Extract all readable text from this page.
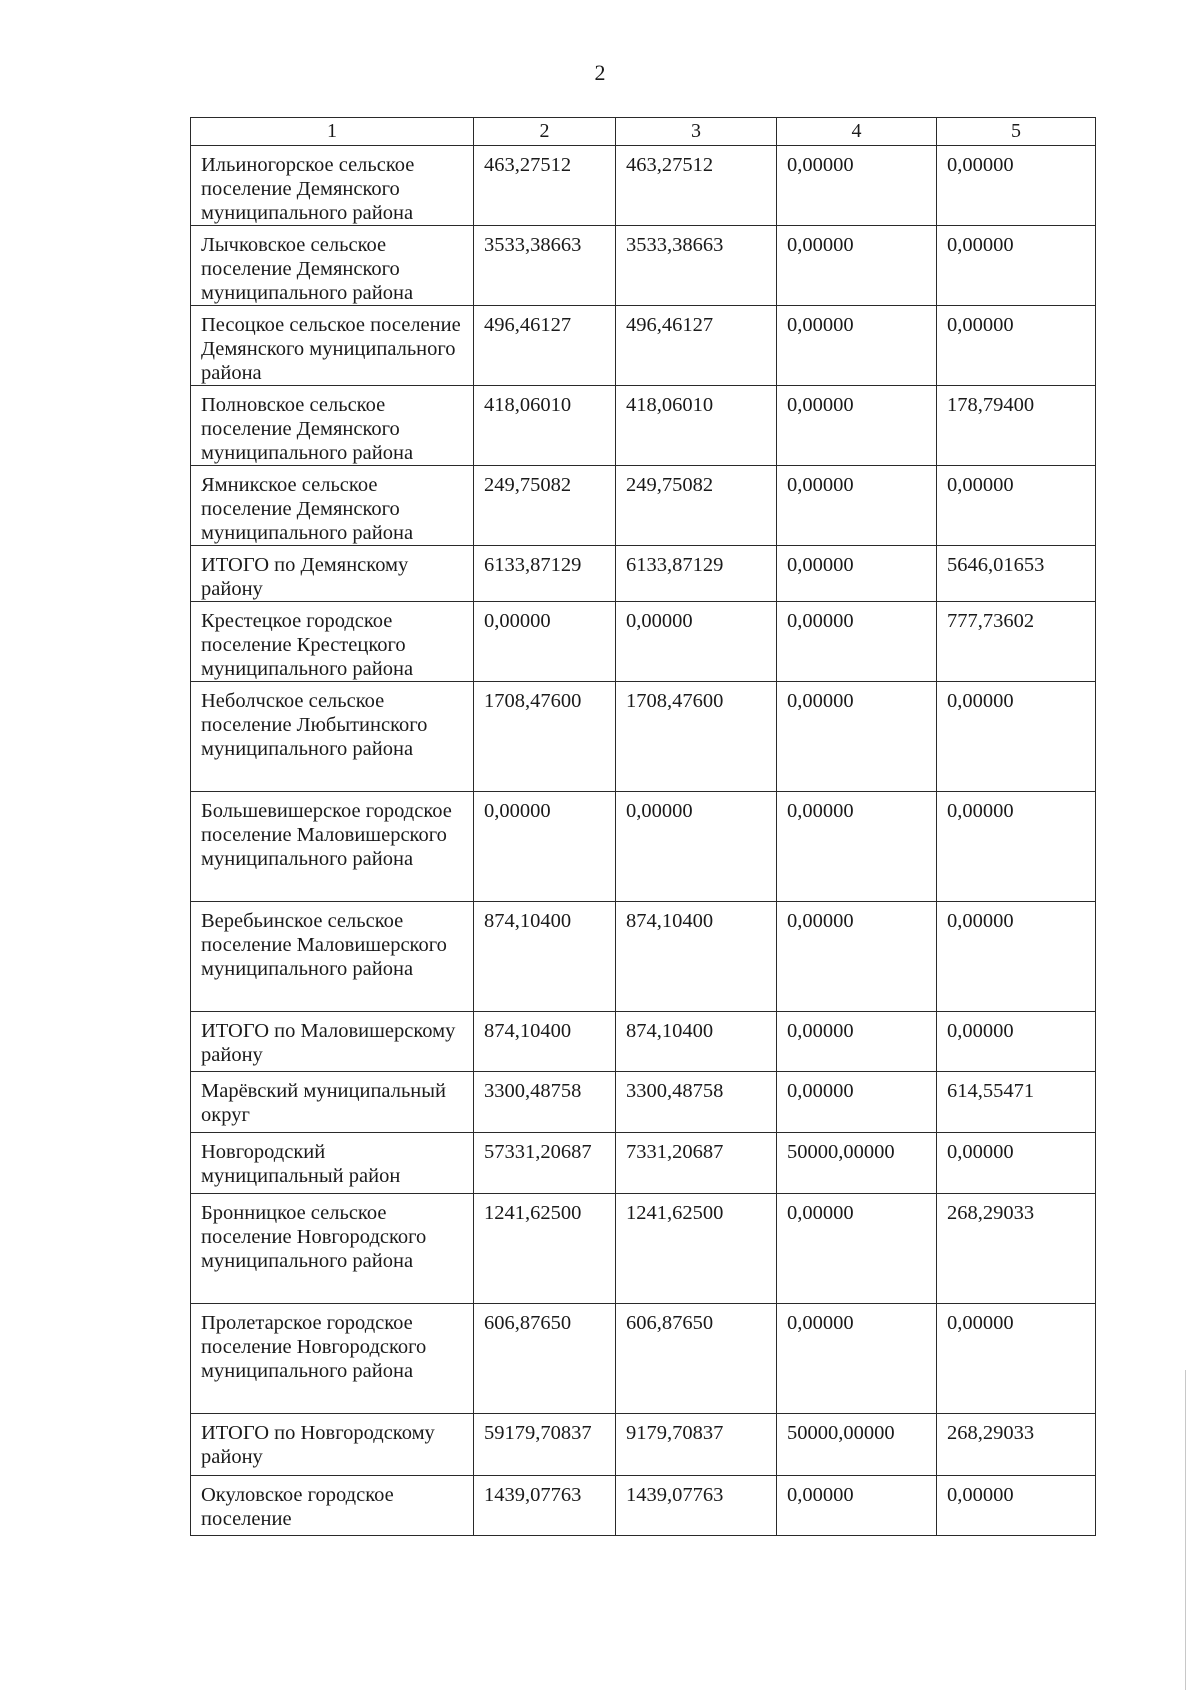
2
1	2	3	4	5
Ильиногорское сельское поселение Демянского муниципального района	463,27512	463,27512	0,00000	0,00000
Лычковское сельское поселение Демянского муниципального района	3533,38663	3533,38663	0,00000	0,00000
Песоцкое сельское поселение Демянского муниципального района	496,46127	496,46127	0,00000	0,00000
Полновское сельское поселение Демянского муниципального района	418,06010	418,06010	0,00000	178,79400
Ямникское сельское поселение Демянского муниципального района	249,75082	249,75082	0,00000	0,00000
ИТОГО по Демянскому району	6133,87129	6133,87129	0,00000	5646,01653
Крестецкое городское поселение Крестецкого муниципального района	0,00000	0,00000	0,00000	777,73602
Неболчское сельское поселение Любытинского муниципального района	1708,47600	1708,47600	0,00000	0,00000
Большевишерское городское поселение Маловишерского муниципального района	0,00000	0,00000	0,00000	0,00000
Веребьинское сельское поселение Маловишерского муниципального района	874,10400	874,10400	0,00000	0,00000
ИТОГО по Маловишерскому району	874,10400	874,10400	0,00000	0,00000
Марёвский муниципальный округ	3300,48758	3300,48758	0,00000	614,55471
Новгородский муниципальный район	57331,20687	7331,20687	50000,00000	0,00000
Бронницкое сельское поселение Новгородского муниципального района	1241,62500	1241,62500	0,00000	268,29033
Пролетарское городское поселение Новгородского муниципального района	606,87650	606,87650	0,00000	0,00000
ИТОГО по Новгородскому району	59179,70837	9179,70837	50000,00000	268,29033
Окуловское городское поселение	1439,07763	1439,07763	0,00000	0,00000
